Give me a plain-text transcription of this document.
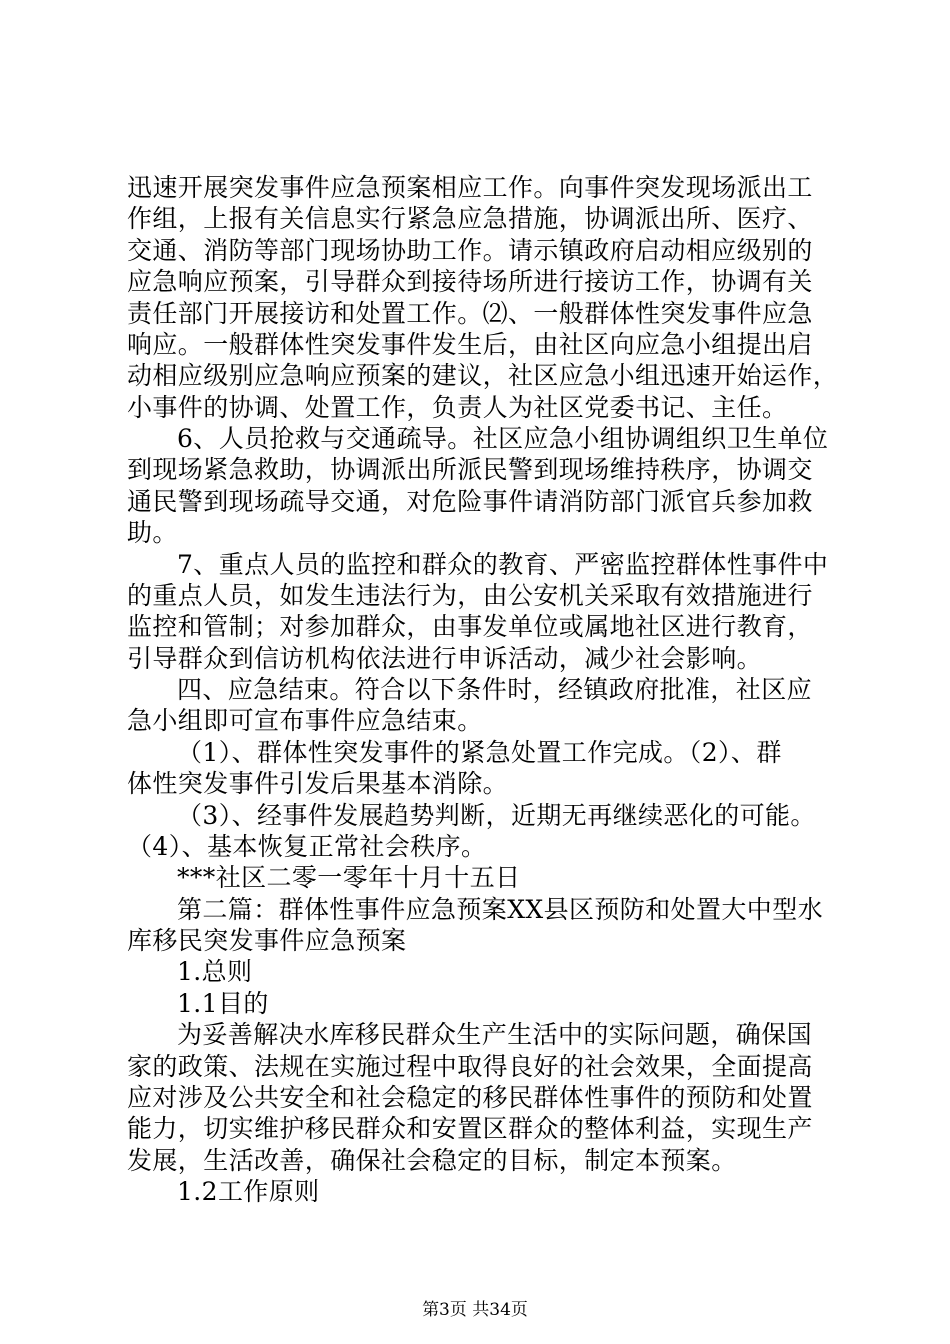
迅速开展突发事件应急预案相应工作。向事件突发现场派出工
作组，上报有关信息实行紧急应急措施，协调派出所、医疗、
交通、消防等部门现场协助工作。请示镇政府启动相应级别的
应急响应预案，引导群众到接待场所进行接访工作，协调有关
责任部门开展接访和处置工作。⑵、一般群体性突发事件应急
响应。一般群体性突发事件发生后，由社区向应急小组提出启
动相应级别应急响应预案的建议，社区应急小组迅速开始运作，
小事件的协调、处置工作，负责人为社区党委书记、主任。
6、人员抢救与交通疏导。社区应急小组协调组织卫生单位
到现场紧急救助，协调派出所派民警到现场维持秩序，协调交
通民警到现场疏导交通，对危险事件请消防部门派官兵参加救
助。
7、重点人员的监控和群众的教育、严密监控群体性事件中
的重点人员，如发生违法行为，由公安机关采取有效措施进行
监控和管制；对参加群众，由事发单位或属地社区进行教育，
引导群众到信访机构依法进行申诉活动，减少社会影响。
四、应急结束。符合以下条件时，经镇政府批准，社区应
急小组即可宣布事件应急结束。
（1）、群体性突发事件的紧急处置工作完成。（2）、群
体性突发事件引发后果基本消除。
（3）、经事件发展趋势判断，近期无再继续恶化的可能。
（4）、基本恢复正常社会秩序。
***社区二零一零年十月十五日
第二篇：群体性事件应急预案XX县区预防和处置大中型水
库移民突发事件应急预案
1.总则
1.1目的
为妥善解决水库移民群众生产生活中的实际问题，确保国
家的政策、法规在实施过程中取得良好的社会效果，全面提高
应对涉及公共安全和社会稳定的移民群体性事件的预防和处置
能力，切实维护移民群众和安置区群众的整体利益，实现生产
发展，生活改善，确保社会稳定的目标，制定本预案。
1.2工作原则
第3页 共34页
